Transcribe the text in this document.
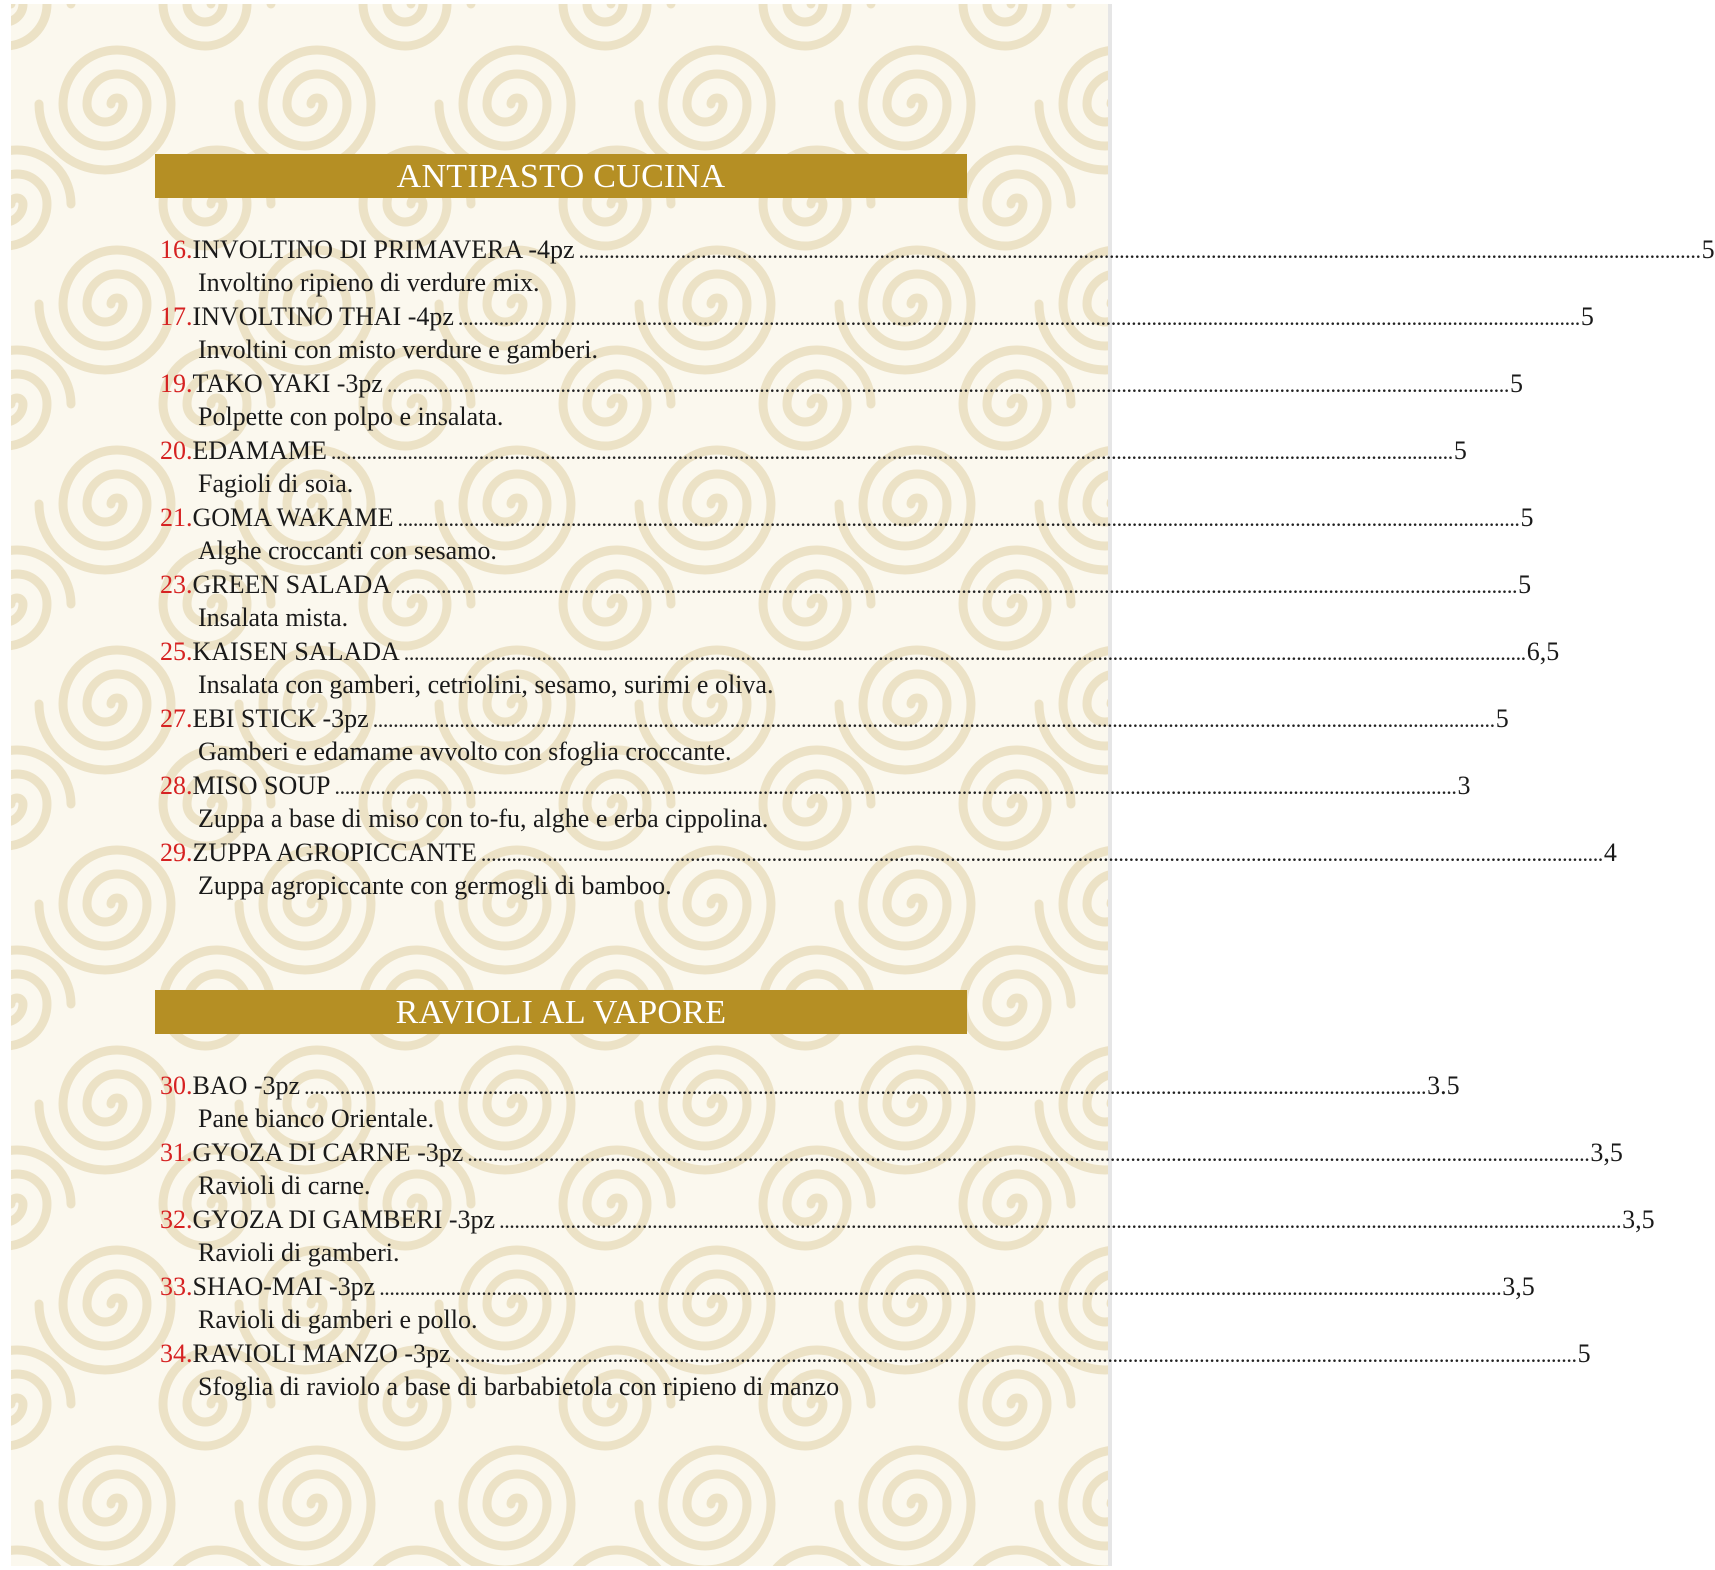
ANTIPASTO CUCINA
16. INVOLTINO DI PRIMAVERA -4pz ............................................................................................................................................................................................................................ 5
Involtino ripieno di verdure mix.
17. INVOLTINO THAI -4pz ............................................................................................................................................................................................................................ 5
Involtini con misto verdure e gamberi.
19. TAKO YAKI -3pz ............................................................................................................................................................................................................................ 5
Polpette con polpo e insalata.
20. EDAMAME ............................................................................................................................................................................................................................ 5
Fagioli di soia.
21. GOMA WAKAME ............................................................................................................................................................................................................................ 5
Alghe croccanti con sesamo.
23. GREEN SALADA ............................................................................................................................................................................................................................ 5
Insalata mista.
25. KAISEN SALADA ............................................................................................................................................................................................................................ 6,5
Insalata con gamberi, cetriolini, sesamo, surimi e oliva.
27. EBI STICK -3pz ............................................................................................................................................................................................................................ 5
Gamberi e edamame avvolto con sfoglia croccante.
28. MISO SOUP ............................................................................................................................................................................................................................ 3
Zuppa a base di miso con to-fu, alghe e erba cippolina.
29. ZUPPA AGROPICCANTE ............................................................................................................................................................................................................................ 4
Zuppa agropiccante con germogli di bamboo.
RAVIOLI AL VAPORE
30. BAO -3pz ............................................................................................................................................................................................................................ 3.5
Pane bianco Orientale.
31. GYOZA DI CARNE -3pz ............................................................................................................................................................................................................................ 3,5
Ravioli di carne.
32. GYOZA DI GAMBERI -3pz ............................................................................................................................................................................................................................ 3,5
Ravioli di gamberi.
33. SHAO-MAI -3pz ............................................................................................................................................................................................................................ 3,5
Ravioli di gamberi e pollo.
34. RAVIOLI MANZO -3pz ............................................................................................................................................................................................................................ 5
Sfoglia di raviolo a base di barbabietola con ripieno di manzo
